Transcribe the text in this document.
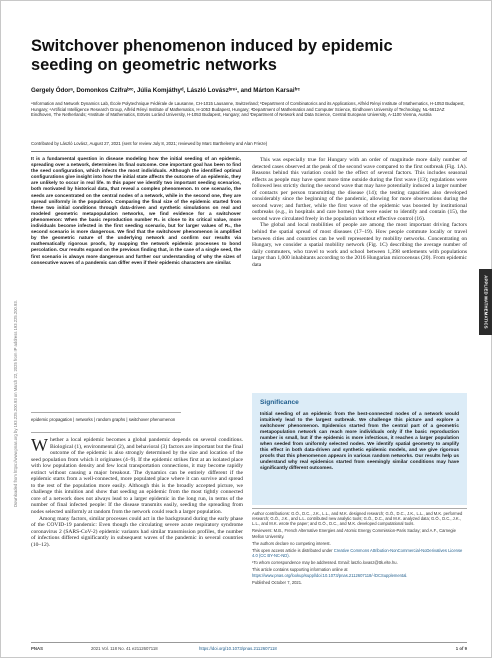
Switchover phenomenon induced by epidemic seeding on geometric networks
Gergely Ódorᵃ, Domonkos Czifraᵇʳᶜ, Júlia Komjáthyᵈ, László Lovászᵇʳᵉ¹, and Márton Karsaiᶠʳᶜ
ᵃInformation and Network Dynamics Lab, École Polytechnique Fédérale de Lausanne, CH-1015 Lausanne, Switzerland; ᵇDepartment of Combinatorics and its Applications, Alfréd Rényi Institute of Mathematics, H-1053 Budapest, Hungary; ᶜArtificial Intelligence Research Group, Alfréd Rényi Institute of Mathematics, H-1053 Budapest, Hungary; ᵈDepartment of Mathematics and Computer Science, Eindhoven University of Technology, NL-5612AZ Eindhoven, The Netherlands; ᵉInstitute of Mathematics, Eötvös Loránd University, H-1053 Budapest, Hungary; and ᶠDepartment of Network and Data Science, Central European University, A-1100 Vienna, Austria
Contributed by László Lovász, August 27, 2021 (sent for review July 8, 2021; reviewed by Marc Barthelemy and Alan Frieze)
It is a fundamental question in disease modeling how the initial seeding of an epidemic, spreading over a network, determines its final outcome. One important goal has been to find the seed configuration, which infects the most individuals. Although the identified optimal configurations give insight into how the initial state affects the outcome of an epidemic, they are unlikely to occur in real life. In this paper we identify two important seeding scenarios, both motivated by historical data, that reveal a complex phenomenon. In one scenario, the seeds are concentrated on the central nodes of a network, while in the second one, they are spread uniformly in the population. Comparing the final size of the epidemic started from these two initial conditions through data-driven and synthetic simulations on real and modeled geometric metapopulation networks, we find evidence for a switchover phenomenon: When the basic reproduction number R₀ is close to its critical value, more individuals become infected in the first seeding scenario, but for larger values of R₀, the second scenario is more dangerous. We find that the switchover phenomenon is amplified by the geometric nature of the underlying network and confirm our results via mathematically rigorous proofs, by mapping the network epidemic processes to bond percolation. Our results expand on the previous finding that, in the case of a single seed, the first scenario is always more dangerous and further our understanding of why the sizes of consecutive waves of a pandemic can differ even if their epidemic characters are similar.
epidemic propagation | networks | random graphs | switchover phenomenon

Whether a local epidemic becomes a global pandemic depends on several conditions. Biological (1), environmental (2), and behavioral (3) factors are important but the final outcome of the epidemic is also strongly determined by the size and location of the seed population from which it originates (4–9). If the epidemic strikes first at an isolated place with low population density and few local transportation connections, it may become rapidly extinct without causing a major breakout. The dynamics can be entirely different if the epidemic starts from a well-connected, more populated place where it can survive and spread to the rest of the population more easily. Although this is the broadly accepted picture, we challenge this intuition and show that seeding an epidemic from the most tightly connected core of a network does not always lead to a larger epidemic in the long run, in terms of the number of final infected people: If the disease transmits easily, seeding the spreading from nodes selected uniformly at random from the network could reach a larger population.

Among many factors, similar processes could act in the background during the early phase of the COVID-19 pandemic: Even though the circulating severe acute respiratory syndrome coronavirus 2 (SARS-CoV-2) epidemic variants had similar transmission profiles, the number of infections differed significantly in subsequent waves of the pandemic in several countries (10–12).

This was especially true for Hungary with an order of magnitude more daily number of detected cases observed at the peak of the second wave compared to the first outbreak (Fig. 1A). Reasons behind this variation could be the effect of several factors. This includes seasonal effects as people may have spent more time outside during the first wave (13); regulations were followed less strictly during the second wave that may have potentially induced a larger number of contacts per person transmitting the disease (14); the testing capacities also developed considerably since the beginning of the pandemic, allowing for more observations during the second wave; and further, while the first wave of the epidemic was boosted by institutional outbreaks (e.g., in hospitals and care homes) that were easier to identify and contain (15), the second wave circulated freely in the population without effective control (16).

The global and local mobilities of people are among the most important driving factors behind the spatial spread of most diseases (17–19). How people commute locally or travel between cities and countries can be well represented by mobility networks. Concentrating on Hungary, we consider a spatial mobility network (Fig. 1C) describing the average number of daily commuters, who travel to work and school between 1,398 settlements with populations larger than 1,000 inhabitants according to the 2016 Hungarian microcensus (20). From epidemic data

Significance
Initial seeding of an epidemic from the best-connected nodes of a network would intuitively lead to the largest outbreak. We challenge this picture and explore a switchover phenomenon. Epidemics started from the central part of a geometric metapopulation network can reach more individuals only if the basic reproduction number is small, but if the epidemic is more infectious, it reaches a larger population when seeded from uniformly selected nodes. We identify spatial geometry to amplify this effect in both data-driven and synthetic epidemic models, and we give rigorous proofs that this phenomenon appears in various random networks. Our results help us understand why real epidemics started from seemingly similar conditions may have significantly different outcomes.

Author contributions: G.Ó., D.C., J.K., L.L., and M.K. designed research; G.Ó., D.C., J.K., L.L., and M.K. performed research; G.Ó., J.K., and L.L. contributed new analytic tools; G.Ó., D.C., and M.K. analyzed data; G.Ó., D.C., J.K., L.L., and M.K. wrote the paper; and G.Ó., D.C., and M.K. developed computational tools.

Reviewers: M.B., French Alternative Energies and Atomic Energy Commission-Paris Saclay; and A.F., Carnegie Mellon University.

The authors declare no competing interest.

This open access article is distributed under Creative Commons Attribution-NonCommercial-NoDerivatives License 4.0 (CC BY-NC-ND).

¹To whom correspondence may be addressed. Email: laszlo.lovasz@ttk.elte.hu.

This article contains supporting information online at https://www.pnas.org/lookup/suppl/doi:10.1073/pnas.2112607118/-/DCSupplemental.

Published October 7, 2021.

APPLIED MATHEMATICS
Downloaded from https://www.pnas.org by 193.225.200.93 on March 22, 2025 from IP address 193.225.200.93.
PNAS	2021 Vol. 118 No. 41 e2112607118	https://doi.org/10.1073/pnas.2112607118	1 of 9
